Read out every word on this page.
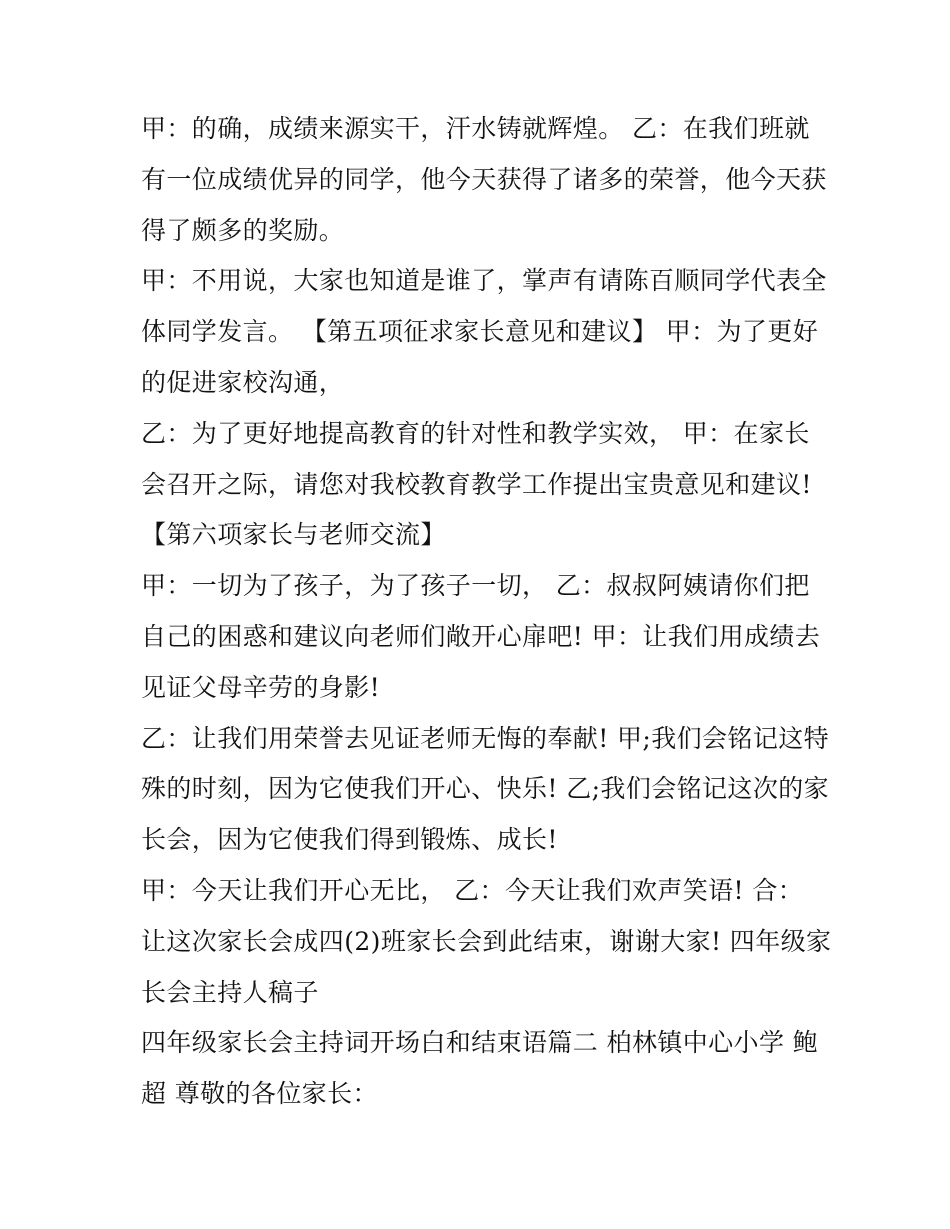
甲：的确，成绩来源实干，汗水铸就辉煌。 乙：在我们班就
有一位成绩优异的同学，他今天获得了诸多的荣誉，他今天获
得了颇多的奖励。
甲：不用说，大家也知道是谁了，掌声有请陈百顺同学代表全
体同学发言。 【第五项征求家长意见和建议】 甲：为了更好
的促进家校沟通，
乙：为了更好地提高教育的针对性和教学实效， 甲：在家长
会召开之际，请您对我校教育教学工作提出宝贵意见和建议!
【第六项家长与老师交流】
甲：一切为了孩子，为了孩子一切， 乙：叔叔阿姨请你们把
自己的困惑和建议向老师们敞开心扉吧! 甲：让我们用成绩去
见证父母辛劳的身影!
乙：让我们用荣誉去见证老师无悔的奉献! 甲;我们会铭记这特
殊的时刻，因为它使我们开心、快乐! 乙;我们会铭记这次的家
长会，因为它使我们得到锻炼、成长!
甲：今天让我们开心无比， 乙：今天让我们欢声笑语! 合：
让这次家长会成四(2)班家长会到此结束，谢谢大家! 四年级家
长会主持人稿子
四年级家长会主持词开场白和结束语篇二 柏林镇中心小学 鲍
超 尊敬的各位家长：
